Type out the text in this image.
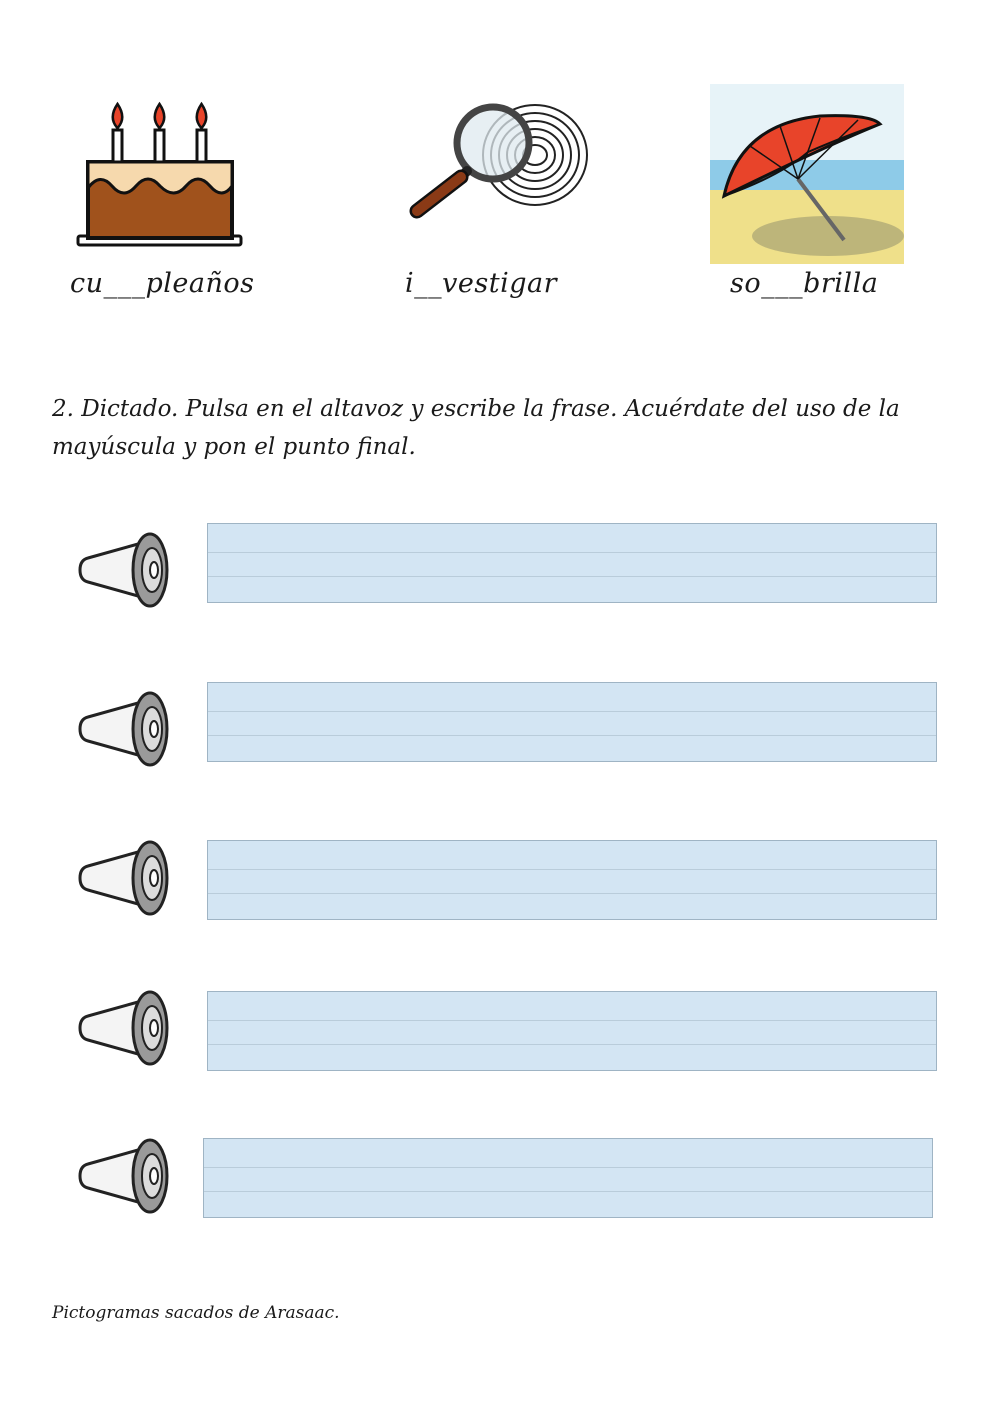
cu___pleaños	i__vestigar	so___brilla
2. Dictado. Pulsa en el altavoz y escribe la frase. Acuérdate del uso de la mayúscula y pon el punto final.
Pictogramas sacados de Arasaac.
